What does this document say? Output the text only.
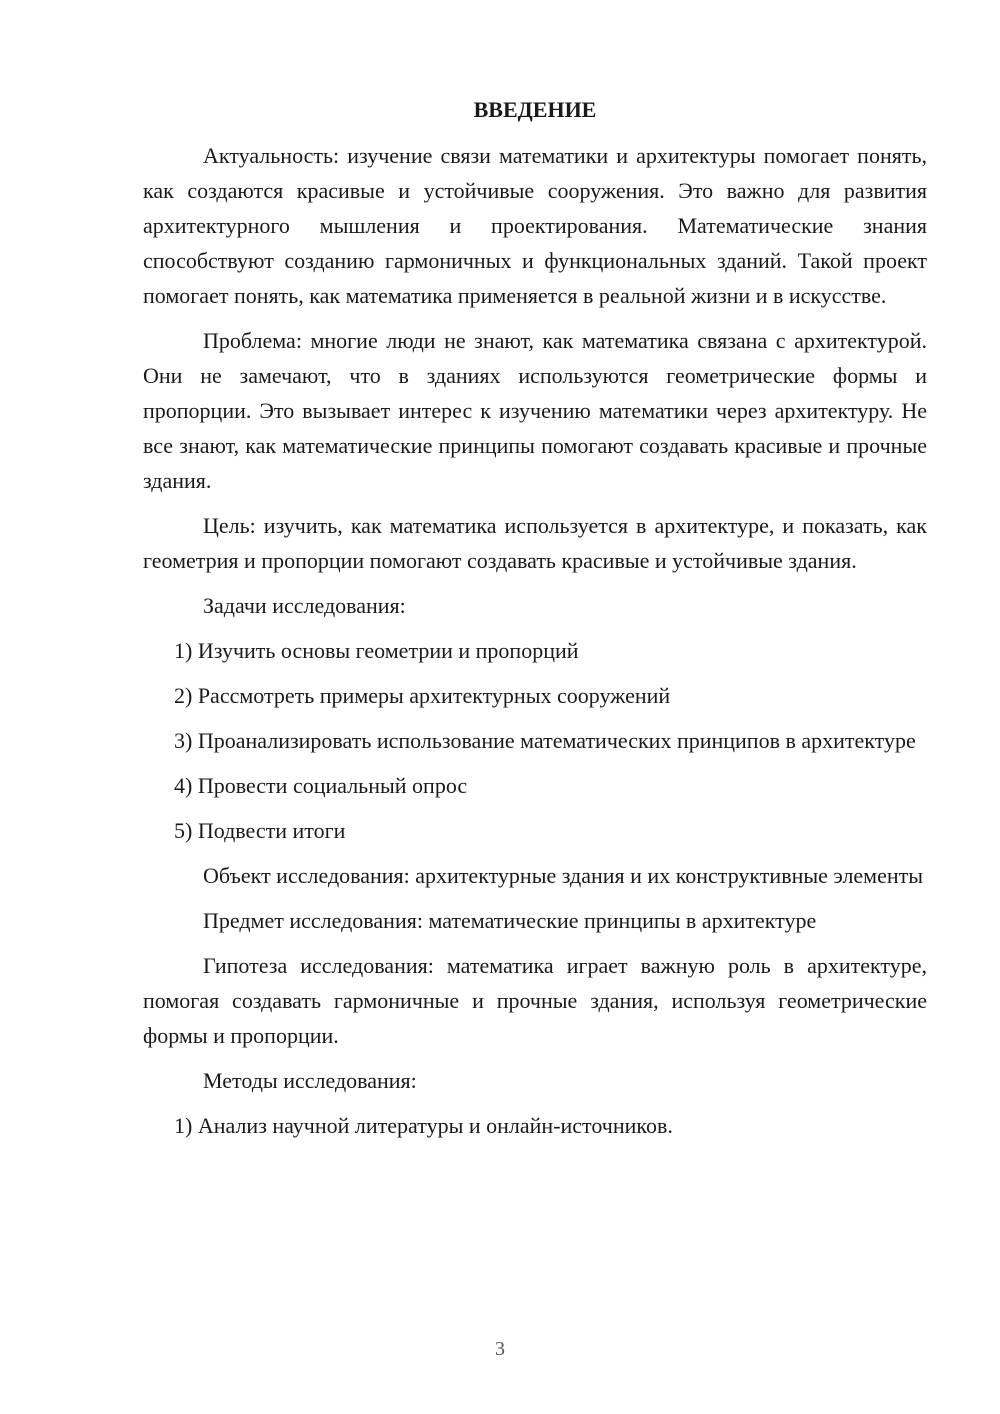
ВВЕДЕНИЕ

Актуальность: изучение связи математики и архитектуры помогает понять, как создаются красивые и устойчивые сооружения. Это важно для развития архитектурного мышления и проектирования. Математические знания способствуют созданию гармоничных и функциональных зданий. Такой проект помогает понять, как математика применяется в реальной жизни и в искусстве.

Проблема: многие люди не знают, как математика связана с архитектурой. Они не замечают, что в зданиях используются геометрические формы и пропорции. Это вызывает интерес к изучению математики через архитектуру. Не все знают, как математические принципы помогают создавать красивые и прочные здания.

Цель: изучить, как математика используется в архитектуре, и показать, как геометрия и пропорции помогают создавать красивые и устойчивые здания.

Задачи исследования:

1) Изучить основы геометрии и пропорций

2) Рассмотреть примеры архитектурных сооружений

3) Проанализировать использование математических принципов в архитектуре

4) Провести социальный опрос

5) Подвести итоги

Объект исследования: архитектурные здания и их конструктивные элементы

Предмет исследования: математические принципы в архитектуре

Гипотеза исследования: математика играет важную роль в архитектуре, помогая создавать гармоничные и прочные здания, используя геометрические формы и пропорции.

Методы исследования:

1) Анализ научной литературы и онлайн-источников.

3
